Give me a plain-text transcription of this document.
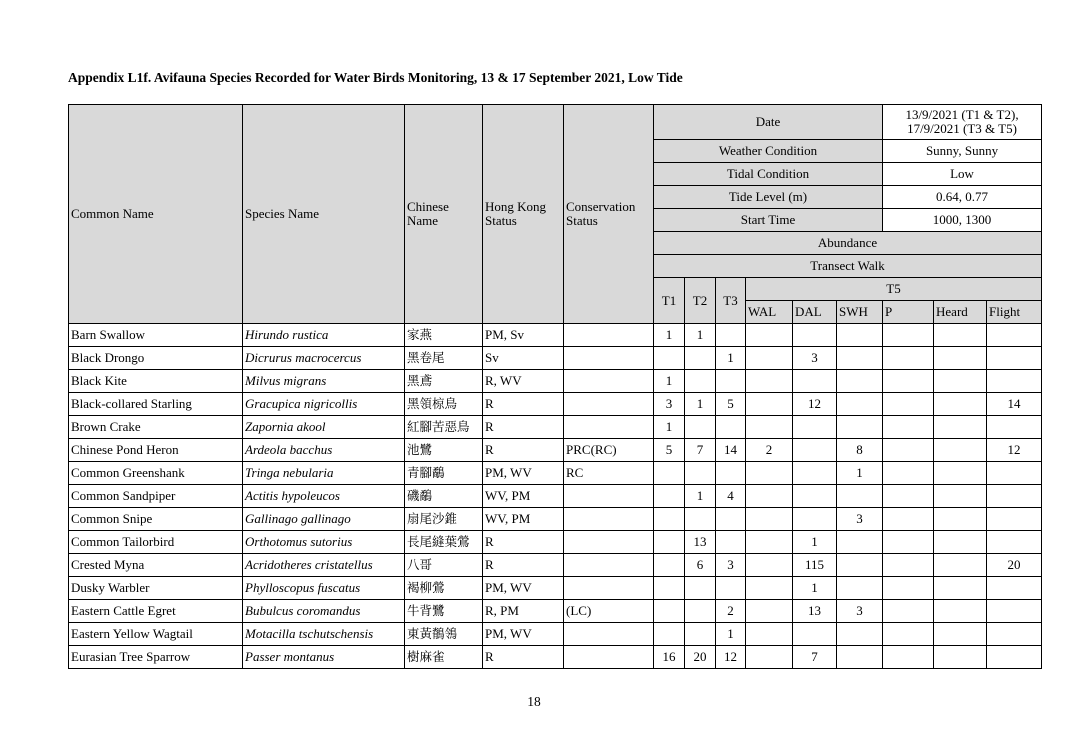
Appendix L1f. Avifauna Species Recorded for Water Birds Monitoring, 13 & 17 September 2021, Low Tide
Common Name	Species Name	Chinese Name	Hong Kong Status	Conservation Status	Date						13/9/2021 (T1 & T2), 17/9/2021 (T3 & T5)		
					Weather Condition						Sunny, Sunny		
					Tidal Condition						Low		
					Tide Level (m)						0.64, 0.77		
					Start Time						1000, 1300		
					Abundance								
					Transect Walk								
					T1	T2	T3	T5					
								WAL	DAL	SWH	P	Heard	Flight

Barn Swallow	Hirundo rustica	家燕	PM, Sv		1	1							
Black Drongo	Dicrurus macrocercus	黑卷尾	Sv				1		3				
Black Kite	Milvus migrans	黑鳶	R, WV		1								
Black-collared Starling	Gracupica nigricollis	黑領椋鳥	R		3	1	5		12				14
Brown Crake	Zapornia akool	紅腳苦惡鳥	R		1								
Chinese Pond Heron	Ardeola bacchus	池鷺	R	PRC(RC)	5	7	14	2		8			12
Common Greenshank	Tringa nebularia	青腳鷸	PM, WV	RC						1			
Common Sandpiper	Actitis hypoleucos	磯鷸	WV, PM			1	4						
Common Snipe	Gallinago gallinago	扇尾沙錐	WV, PM							3			
Common Tailorbird	Orthotomus sutorius	長尾縫葉鶯	R			13			1				
Crested Myna	Acridotheres cristatellus	八哥	R			6	3		115				20
Dusky Warbler	Phylloscopus fuscatus	褐柳鶯	PM, WV						1				
Eastern Cattle Egret	Bubulcus coromandus	牛背鷺	R, PM	(LC)			2		13	3			
Eastern Yellow Wagtail	Motacilla tschutschensis	東黃鶺鴒	PM, WV				1						
Eurasian Tree Sparrow	Passer montanus	樹麻雀	R		16	20	12		7				
18
